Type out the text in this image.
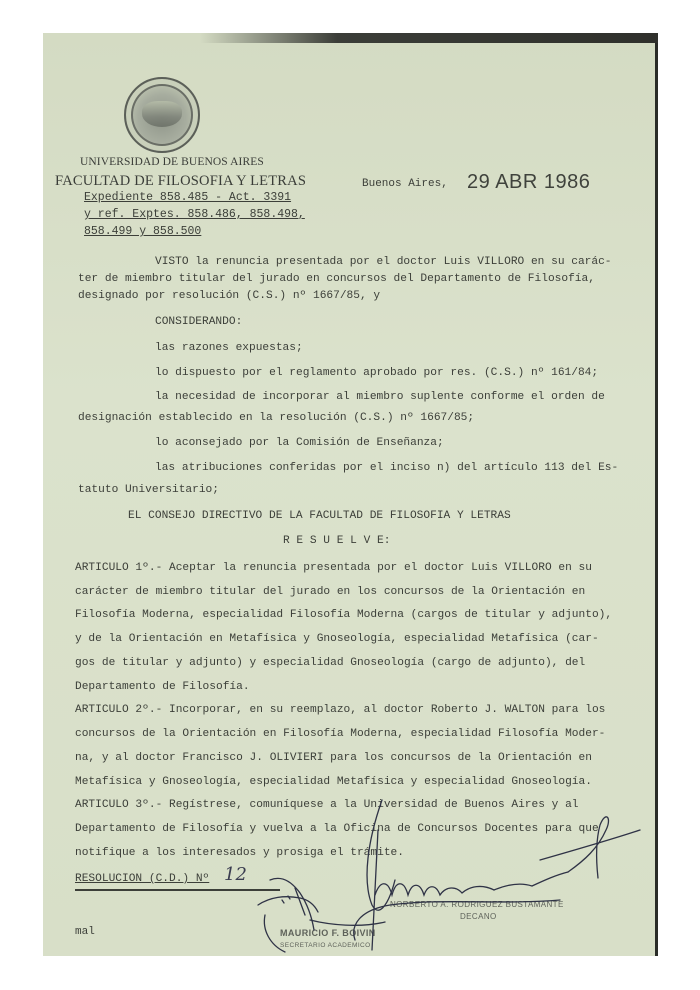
UNIVERSIDAD DE BUENOS AIRES
FACULTAD DE FILOSOFIA Y LETRAS
Expediente 858.485 - Act. 3391
y ref. Exptes. 858.486, 858.498,
858.499 y 858.500
Buenos Aires, 29 ABR 1986
VISTO la renuncia presentada por el doctor Luis VILLORO en su carác-
ter de miembro titular del jurado en concursos del Departamento de Filosofía,
designado por resolución (C.S.) nº 1667/85, y
CONSIDERANDO:
las razones expuestas;
lo dispuesto por el reglamento aprobado por res. (C.S.) nº 161/84;
la necesidad de incorporar al miembro suplente conforme el orden de
designación establecido en la resolución (C.S.) nº 1667/85;
lo aconsejado por la Comisión de Enseñanza;
las atribuciones conferidas por el inciso n) del artículo 113 del Es-
tatuto Universitario;
EL CONSEJO DIRECTIVO DE LA FACULTAD DE FILOSOFIA Y LETRAS
R E S U E L V E:
ARTICULO 1º.- Aceptar la renuncia presentada por el doctor Luis VILLORO en su
carácter de miembro titular del jurado en los concursos de la Orientación en
Filosofía Moderna, especialidad Filosofía Moderna (cargos de titular y adjunto),
y de la Orientación en Metafísica y Gnoseología, especialidad Metafísica (car-
gos de titular y adjunto) y especialidad Gnoseología (cargo de adjunto), del
Departamento de Filosofía.
ARTICULO 2º.- Incorporar, en su reemplazo, al doctor Roberto J. WALTON para los
concursos de la Orientación en Filosofía Moderna, especialidad Filosofía Moder-
na, y al doctor Francisco J. OLIVIERI para los concursos de la Orientación en
Metafísica y Gnoseología, especialidad Metafísica y especialidad Gnoseología.
ARTICULO 3º.- Regístrese, comuníquese a la Universidad de Buenos Aires y al
Departamento de Filosofía y vuelva a la Oficina de Concursos Docentes para que
notifique a los interesados y prosiga el trámite.
RESOLUCION (C.D.) Nº 12
mal
NORBERTO A. RODRIGUEZ BUSTAMANTE
DECANO
MAURICIO F. BOIVIN
SECRETARIO ACADEMICO
